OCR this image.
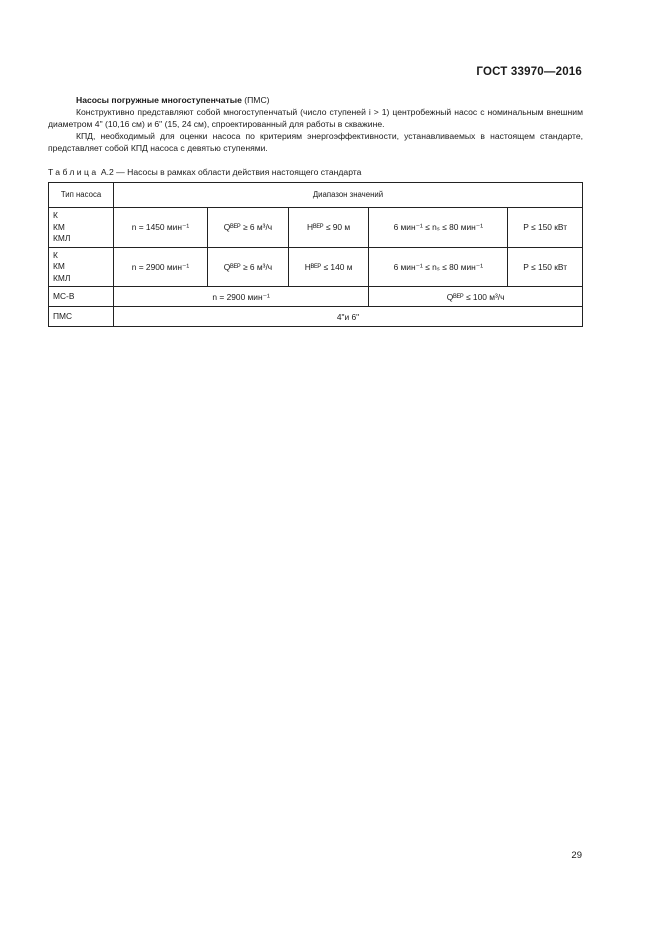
ГОСТ 33970—2016

Насосы погружные многоступенчатые (ПМС)

Конструктивно представляют собой многоступенчатый (число ступеней i > 1) центробежный насос с номинальным внешним диаметром 4" (10,16 см) и 6" (15, 24 см), спроектированный для работы в скважине.

КПД, необходимый для оценки насоса по критериям энергоэффективности, устанавливаемых в настоящем стандарте, представляет собой КПД насоса с девятью ступенями.

Таблица А.2 — Насосы в рамках области действия настоящего стандарта

Тип насоса	Диапазон значений				

К
КМ
КМЛ	n = 1450 мин⁻¹	Qᴮᴱᴾ ≥ 6 м³/ч	Hᴮᴱᴾ ≤ 90 м	6 мин⁻¹ ≤ nₛ ≤ 80 мин⁻¹	P ≤ 150 кВт

К
КМ
КМЛ	n = 2900 мин⁻¹	Qᴮᴱᴾ ≥ 6 м³/ч	Hᴮᴱᴾ ≤ 140 м	6 мин⁻¹ ≤ nₛ ≤ 80 мин⁻¹	P ≤ 150 кВт
МС-В	n = 2900 мин⁻¹			Qᴮᴱᴾ ≤ 100 м³/ч	
ПМС	4"и 6"				
29
